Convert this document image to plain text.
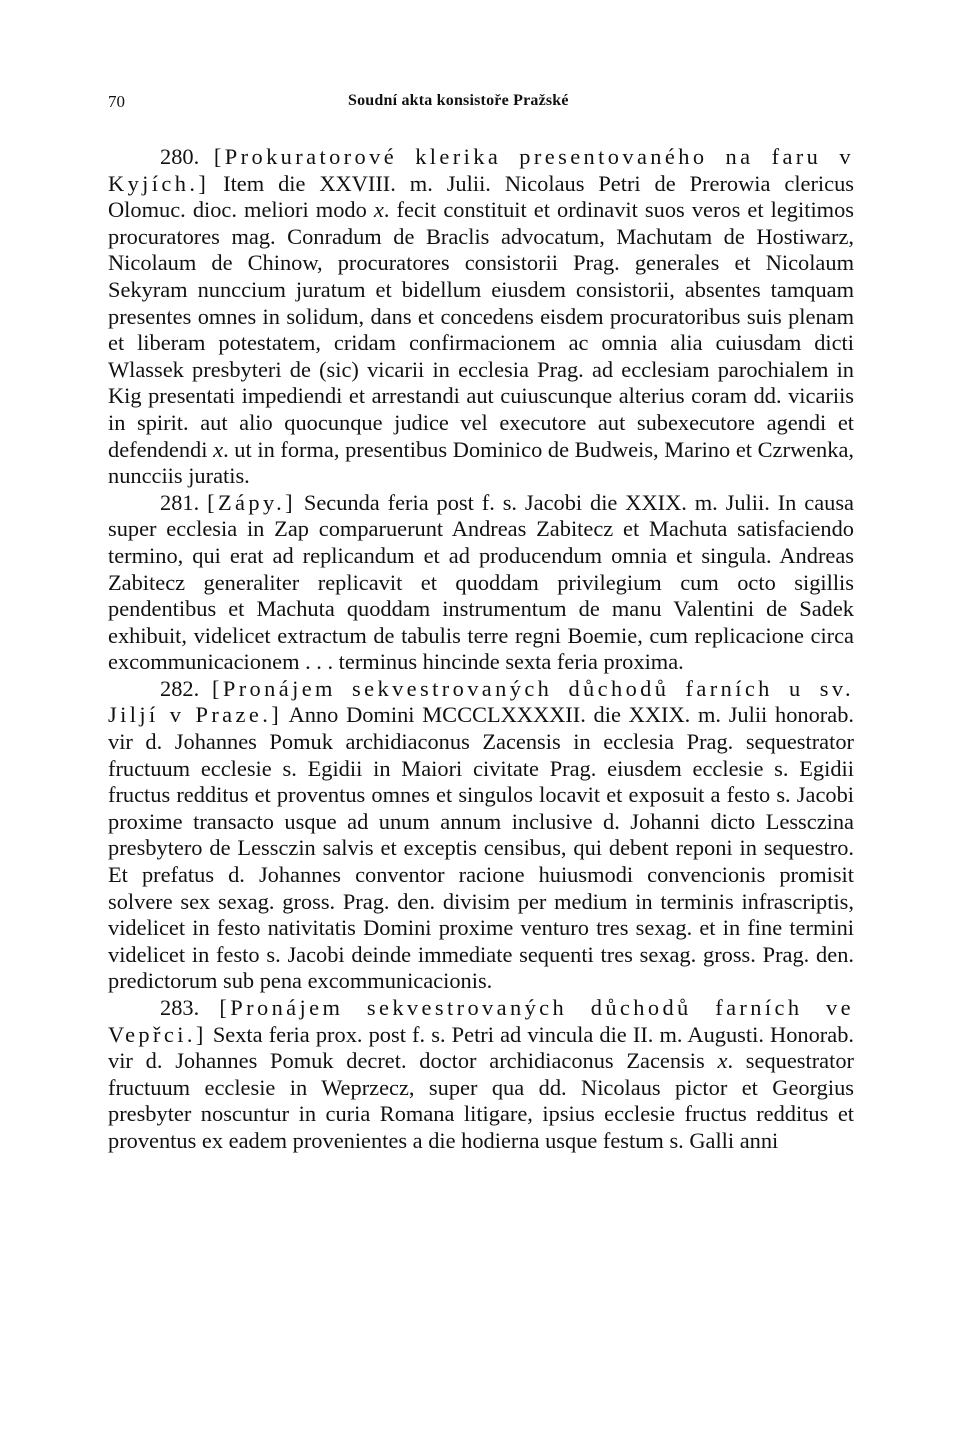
70	Soudní akta konsistoře Pražské

280. [Prokuratorové klerika presentovaného na faru v Kyjích.] Item die XXVIII. m. Julii. Nicolaus Petri de Prerowia clericus Olomuc. dioc. meliori modo x. fecit constituit et ordinavit suos veros et legitimos procuratores mag. Conradum de Braclis advocatum, Machutam de Hostiwarz, Nicolaum de Chinow, procuratores consistorii Prag. generales et Nicolaum Sekyram nunccium juratum et bidellum eiusdem consistorii, absentes tamquam presentes omnes in solidum, dans et concedens eisdem procuratoribus suis plenam et liberam potestatem, cridam confirmacionem ac omnia alia cuiusdam dicti Wlassek presbyteri de (sic) vicarii in ecclesia Prag. ad ecclesiam parochialem in Kig presentati impediendi et arrestandi aut cuiuscunque alterius coram dd. vicariis in spirit. aut alio quocunque judice vel executore aut subexecutore agendi et defendendi x. ut in forma, presentibus Dominico de Budweis, Marino et Czrwenka, nuncciis juratis.

281. [Zápy.] Secunda feria post f. s. Jacobi die XXIX. m. Julii. In causa super ecclesia in Zap comparuerunt Andreas Zabitecz et Machuta satisfaciendo termino, qui erat ad replicandum et ad producendum omnia et singula. Andreas Zabitecz generaliter replicavit et quoddam privilegium cum octo sigillis pendentibus et Machuta quoddam instrumentum de manu Valentini de Sadek exhibuit, videlicet extractum de tabulis terre regni Boemie, cum replicacione circa excommunicacionem . . . terminus hincinde sexta feria proxima.

282. [Pronájem sekvestrovaných důchodů farních u sv. Jiljí v Praze.] Anno Domini MCCCLXXXXII. die XXIX. m. Julii honorab. vir d. Johannes Pomuk archidiaconus Zacensis in ecclesia Prag. sequestrator fructuum ecclesie s. Egidii in Maiori civitate Prag. eiusdem ecclesie s. Egidii fructus redditus et proventus omnes et singulos locavit et exposuit a festo s. Jacobi proxime transacto usque ad unum annum inclusive d. Johanni dicto Lessczina presbytero de Lessczin salvis et exceptis censibus, qui debent reponi in sequestro. Et prefatus d. Johannes conventor racione huiusmodi convencionis promisit solvere sex sexag. gross. Prag. den. divisim per medium in terminis infrascriptis, videlicet in festo nativitatis Domini proxime venturo tres sexag. et in fine termini videlicet in festo s. Jacobi deinde immediate sequenti tres sexag. gross. Prag. den. predictorum sub pena excommunicacionis.

283. [Pronájem sekvestrovaných důchodů farních ve Vepřci.] Sexta feria prox. post f. s. Petri ad vincula die II. m. Augusti. Honorab. vir d. Johannes Pomuk decret. doctor archidiaconus Zacensis x. sequestrator fructuum ecclesie in Weprzecz, super qua dd. Nicolaus pictor et Georgius presbyter noscuntur in curia Romana litigare, ipsius ecclesie fructus redditus et proventus ex eadem provenientes a die hodierna usque festum s. Galli anni
